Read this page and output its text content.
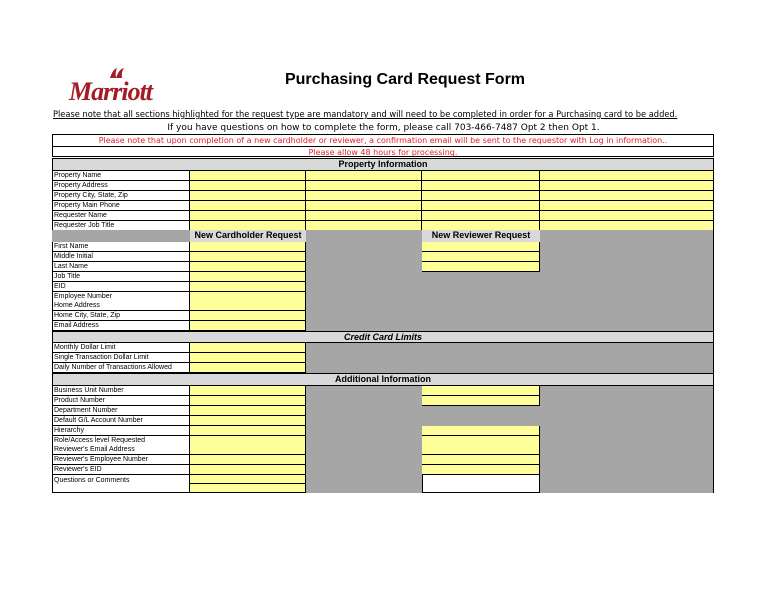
Marriott	Purchasing Card Request Form
Please note that all sections highlighted for the request type are mandatory and will need to be completed in order for a Purchasing card to be added.
If you have questions on how to complete the form, please call 703-466-7487 Opt 2 then Opt 1.
Please note that upon completion of a new cardholder or reviewer, a confirmation email will be sent to the requestor with Log in information..
Please allow 48 hours for processing.
Property Information
Property Name
Property Address
Property City, State, Zip
Property Main Phone
Requester Name
Requester Job Title
New Cardholder Request	New Reviewer Request
First Name
Middle Initial
Last Name
Job Title
EID
Employee Number
Home Address
Home City, State, Zip
Email Address
Credit Card Limits
Monthly Dollar Limit
Single Transaction Dollar Limit
Daily Number of Transactions Allowed
Additional Information
Business Unit Number
Product Number
Department Number
Default G/L Account Number
Hierarchy
Role/Access level Requested
Reviewer's Email Address
Reviewer's Employee Number
Reviewer's EID
Questions or Comments
